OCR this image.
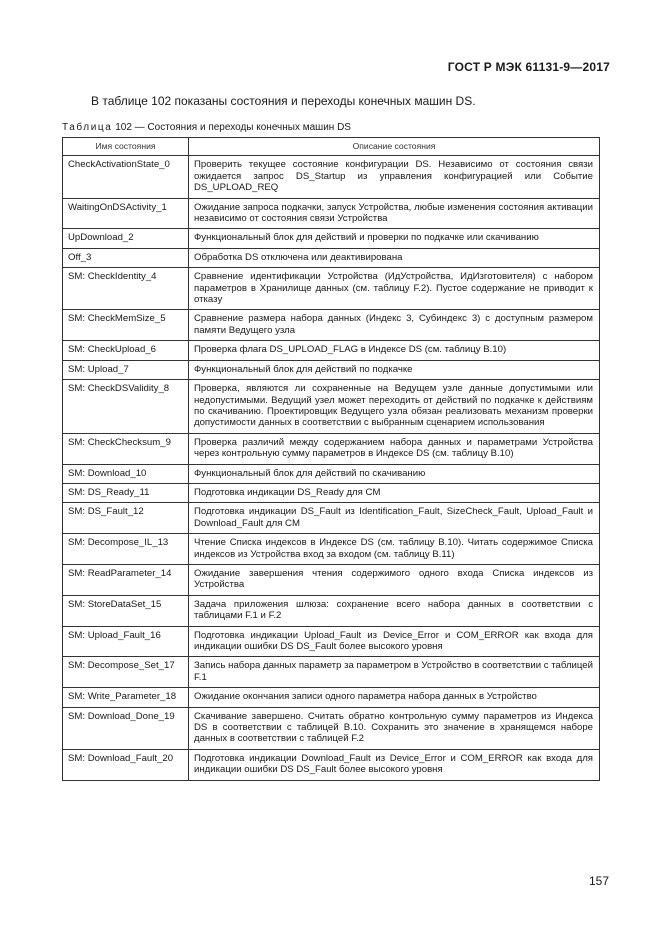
ГОСТ Р МЭК 61131-9—2017
В таблице 102 показаны состояния и переходы конечных машин DS.
Таблица 102 — Состояния и переходы конечных машин DS
Имя состояния	Описание состояния
CheckActivationState_0	Проверить текущее состояние конфигурации DS. Независимо от состояния связи ожидается запрос DS_Startup из управления конфигурацией или Событие DS_UPLOAD_REQ
WaitingOnDSActivity_1	Ожидание запроса подкачки, запуск Устройства, любые изменения состояния активации независимо от состояния связи Устройства
UpDownload_2	Функциональный блок для действий и проверки по подкачке или скачиванию
Off_3	Обработка DS отключена или деактивирована
SM: CheckIdentity_4	Сравнение идентификации Устройства (ИдУстройства, ИдИзготовителя) с набором параметров в Хранилище данных (см. таблицу F.2). Пустое содержание не приводит к отказу
SM: CheckMemSize_5	Сравнение размера набора данных (Индекс 3, Субиндекс 3) с доступным размером памяти Ведущего узла
SM: CheckUpload_6	Проверка флага DS_UPLOAD_FLAG в Индексе DS (см. таблицу B.10)
SM: Upload_7	Функциональный блок для действий по подкачке
SM: CheckDSValidity_8	Проверка, являются ли сохраненные на Ведущем узле данные допустимыми или недопустимыми. Ведущий узел может переходить от действий по подкачке к действиям по скачиванию. Проектировщик Ведущего узла обязан реализовать механизм проверки допустимости данных в соответствии с выбранным сценарием использования
SM: CheckChecksum_9	Проверка различий между содержанием набора данных и параметрами Устройства через контрольную сумму параметров в Индексе DS (см. таблицу B.10)
SM: Download_10	Функциональный блок для действий по скачиванию
SM: DS_Ready_11	Подготовка индикации DS_Ready для CM
SM: DS_Fault_12	Подготовка индикации DS_Fault из Identification_Fault, SizeCheck_Fault, Upload_Fault и Download_Fault для CM
SM: Decompose_IL_13	Чтение Списка индексов в Индексе DS (см. таблицу B.10). Читать содержимое Списка индексов из Устройства вход за входом (см. таблицу B.11)
SM: ReadParameter_14	Ожидание завершения чтения содержимого одного входа Списка индексов из Устройства
SM: StoreDataSet_15	Задача приложения шлюза: сохранение всего набора данных в соответствии с таблицами F.1 и F.2
SM: Upload_Fault_16	Подготовка индикации Upload_Fault из Device_Error и COM_ERROR как входа для индикации ошибки DS DS_Fault более высокого уровня
SM: Decompose_Set_17	Запись набора данных параметр за параметром в Устройство в соответствии с таблицей F.1
SM: Write_Parameter_18	Ожидание окончания записи одного параметра набора данных в Устройство
SM: Download_Done_19	Скачивание завершено. Считать обратно контрольную сумму параметров из Индекса DS в соответствии с таблицей B.10. Сохранить это значение в хранящемся наборе данных в соответствии с таблицей F.2
SM: Download_Fault_20	Подготовка индикации Download_Fault из Device_Error и COM_ERROR как входа для индикации ошибки DS DS_Fault более высокого уровня
157
